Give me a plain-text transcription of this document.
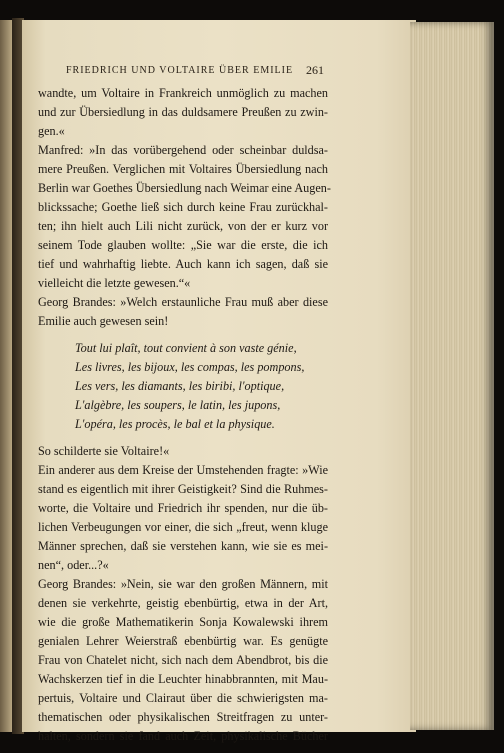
FRIEDRICH UND VOLTAIRE ÜBER EMILIE	261
wandte, um Voltaire in Frankreich unmöglich zu machen
und zur Übersiedlung in das duldsamere Preußen zu zwin-
gen.«
Manfred: »In das vorübergehend oder scheinbar duldsa-
mere Preußen. Verglichen mit Voltaires Übersiedlung nach
Berlin war Goethes Übersiedlung nach Weimar eine Augen-
blickssache; Goethe ließ sich durch keine Frau zurückhal-
ten; ihn hielt auch Lili nicht zurück, von der er kurz vor
seinem Tode glauben wollte: „Sie war die erste, die ich
tief und wahrhaftig liebte. Auch kann ich sagen, daß sie
vielleicht die letzte gewesen.“«
Georg Brandes: »Welch erstaunliche Frau muß aber diese
Emilie auch gewesen sein!
Tout lui plaît, tout convient à son vaste génie,
Les livres, les bijoux, les compas, les pompons,
Les vers, les diamants, les biribi, l'optique,
L'algèbre, les soupers, le latin, les jupons,
L'opéra, les procès, le bal et la physique.
So schilderte sie Voltaire!«
Ein anderer aus dem Kreise der Umstehenden fragte: »Wie
stand es eigentlich mit ihrer Geistigkeit? Sind die Ruhmes-
worte, die Voltaire und Friedrich ihr spenden, nur die üb-
lichen Verbeugungen vor einer, die sich „freut, wenn kluge
Männer sprechen, daß sie verstehen kann, wie sie es mei-
nen“, oder...?«
Georg Brandes: »Nein, sie war den großen Männern, mit
denen sie verkehrte, geistig ebenbürtig, etwa in der Art,
wie die große Mathematikerin Sonja Kowalewski ihrem
genialen Lehrer Weierstraß ebenbürtig war. Es genügte
Frau von Chatelet nicht, sich nach dem Abendbrot, bis die
Wachskerzen tief in die Leuchter hinabbrannten, mit Mau-
pertuis, Voltaire und Clairaut über die schwierigsten ma-
thematischen oder physikalischen Streitfragen zu unter-
halten, sondern sie fand auch Zeit, physikalische Bücher
